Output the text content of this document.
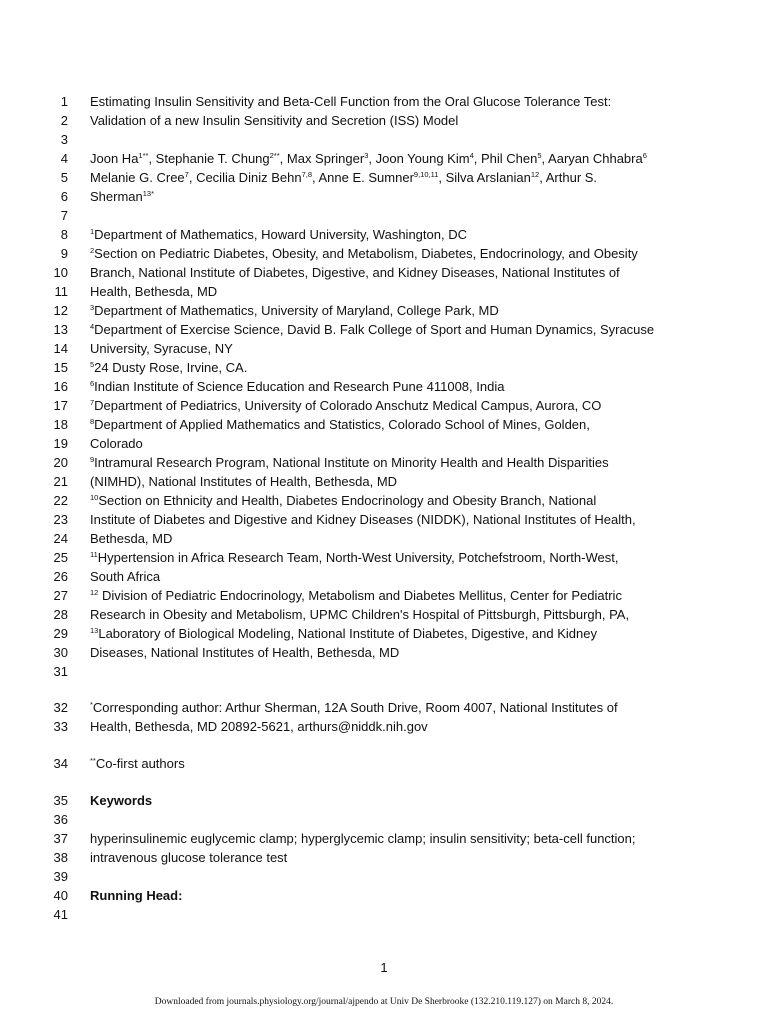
1
2
3
4
5
6
7
8
9
10
11
12
13
14
15
16
17
18
19
20
21
22
23
24
25
26
27
28
29
30
31
32
33
34
35
36
37
38
39
40
41
Estimating Insulin Sensitivity and Beta-Cell Function from the Oral Glucose Tolerance Test:
Validation of a new Insulin Sensitivity and Secretion (ISS) Model
Joon $Ha^{1**}$, Stephanie T. Chung$^{2**}$, Max Springer$^3$, Joon Young Kim$^4$, Phil Chen$^5$, Aaryan Chhabra$^6$
Melanie G. Cree$^7$, Cecilia Diniz Behn$^{7,8}$, Anne E. Sumner$^{9,10,11}$, Silva Arslanian$^{12}$, Arthur S.
Sherman$^{13*}$
$^1$Department of Mathematics, Howard University, Washington, DC
$^2$Section on Pediatric Diabetes, Obesity, and Metabolism, Diabetes, Endocrinology, and Obesity
Branch, National Institute of Diabetes, Digestive, and Kidney Diseases, National Institutes of
Health, Bethesda, MD
$^3$Department of Mathematics, University of Maryland, College Park, MD
$^4$Department of Exercise Science, David B. Falk College of Sport and Human Dynamics, Syracuse
University, Syracuse, NY
$^5$24 Dusty Rose, Irvine, CA.
$^6$Indian Institute of Science Education and Research Pune 411008, India
$^7$Department of Pediatrics, University of Colorado Anschutz Medical Campus, Aurora, CO
$^8$Department of Applied Mathematics and Statistics, Colorado School of Mines, Golden,
Colorado
$^9$Intramural Research Program, National Institute on Minority Health and Health Disparities
(NIMHD), National Institutes of Health, Bethesda, MD
$^{10}$Section on Ethnicity and Health, Diabetes Endocrinology and Obesity Branch, National
Institute of Diabetes and Digestive and Kidney Diseases (NIDDK), National Institutes of Health,
Bethesda, MD
$^{11}$Hypertension in Africa Research Team, North-West University, Potchefstroom, North-West,
South Africa
$^{12}$ Division of Pediatric Endocrinology, Metabolism and Diabetes Mellitus, Center for Pediatric
Research in Obesity and Metabolism, UPMC Children's Hospital of Pittsburgh, Pittsburgh, PA,
$^{13}$Laboratory of Biological Modeling, National Institute of Diabetes, Digestive, and Kidney
Diseases, National Institutes of Health, Bethesda, MD
*Corresponding author: Arthur Sherman, 12A South Drive, Room 4007, National Institutes of
Health, Bethesda, MD 20892-5621, arthurs@niddk.nih.gov
**Co-first authors
Keywords
hyperinsulinemic euglycemic clamp; hyperglycemic clamp; insulin sensitivity; beta-cell function;
intravenous glucose tolerance test
Running Head:
1
Downloaded from journals.physiology.org/journal/ajpendo at Univ De Sherbrooke (132.210.119.127) on March 8, 2024.
